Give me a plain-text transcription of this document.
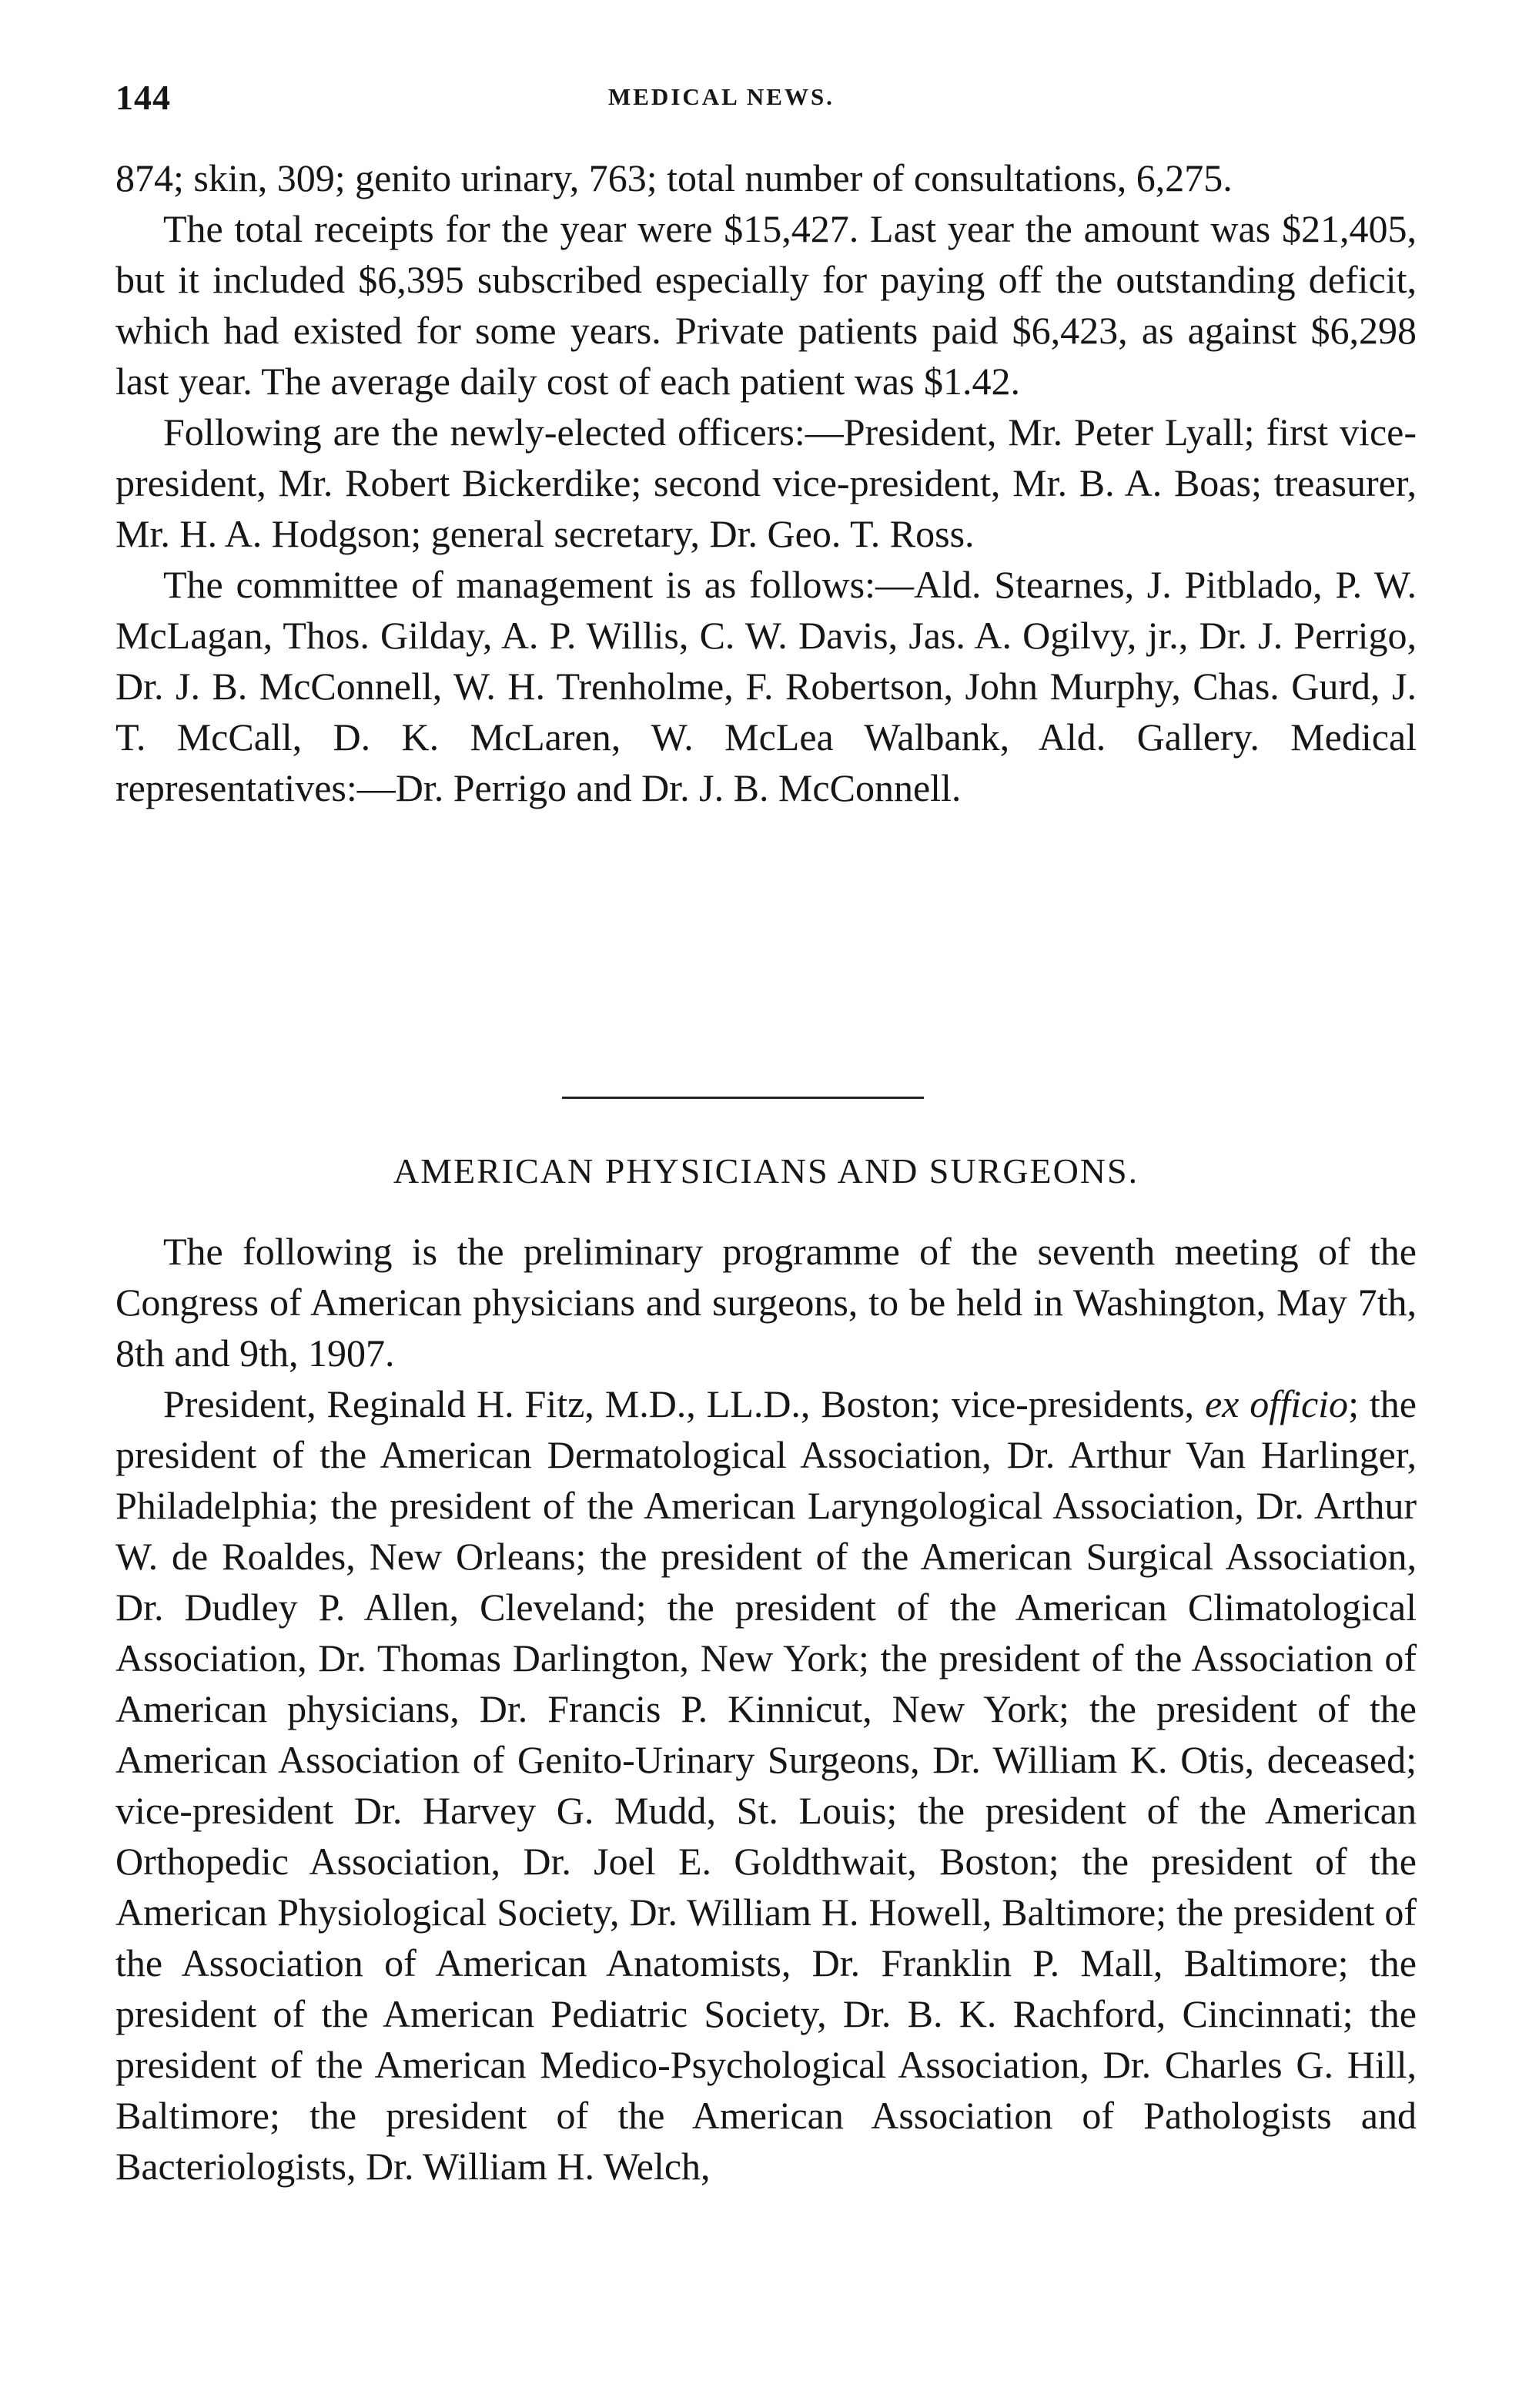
144	MEDICAL NEWS.

874; skin, 309; genito urinary, 763; total number of consultations, 6,275.

The total receipts for the year were $15,427. Last year the amount was $21,405, but it included $6,395 subscribed especially for paying off the outstanding deficit, which had existed for some years. Private patients paid $6,423, as against $6,298 last year. The average daily cost of each patient was $1.42.

Following are the newly-elected officers:—President, Mr. Peter Lyall; first vice-president, Mr. Robert Bickerdike; second vice-president, Mr. B. A. Boas; treasurer, Mr. H. A. Hodgson; general secretary, Dr. Geo. T. Ross.

The committee of management is as follows:—Ald. Stearnes, J. Pitblado, P. W. McLagan, Thos. Gilday, A. P. Willis, C. W. Davis, Jas. A. Ogilvy, jr., Dr. J. Perrigo, Dr. J. B. McConnell, W. H. Trenholme, F. Robertson, John Murphy, Chas. Gurd, J. T. McCall, D. K. McLaren, W. McLea Walbank, Ald. Gallery. Medical representatives:—Dr. Perrigo and Dr. J. B. McConnell.

AMERICAN PHYSICIANS AND SURGEONS.

The following is the preliminary programme of the seventh meeting of the Congress of American physicians and surgeons, to be held in Washington, May 7th, 8th and 9th, 1907.

President, Reginald H. Fitz, M.D., LL.D., Boston; vice-presidents, ex officio; the president of the American Dermatological Association, Dr. Arthur Van Harlinger, Philadelphia; the president of the American Laryngological Association, Dr. Arthur W. de Roaldes, New Orleans; the president of the American Surgical Association, Dr. Dudley P. Allen, Cleveland; the president of the American Climatological Association, Dr. Thomas Darlington, New York; the president of the Association of American physicians, Dr. Francis P. Kinnicut, New York; the president of the American Association of Genito-Urinary Surgeons, Dr. William K. Otis, deceased; vice-president Dr. Harvey G. Mudd, St. Louis; the president of the American Orthopedic Association, Dr. Joel E. Goldthwait, Boston; the president of the American Physiological Society, Dr. William H. Howell, Baltimore; the president of the Association of American Anatomists, Dr. Franklin P. Mall, Baltimore; the president of the American Pediatric Society, Dr. B. K. Rachford, Cincinnati; the president of the American Medico-Psychological Association, Dr. Charles G. Hill, Baltimore; the president of the American Association of Pathologists and Bacteriologists, Dr. William H. Welch,
